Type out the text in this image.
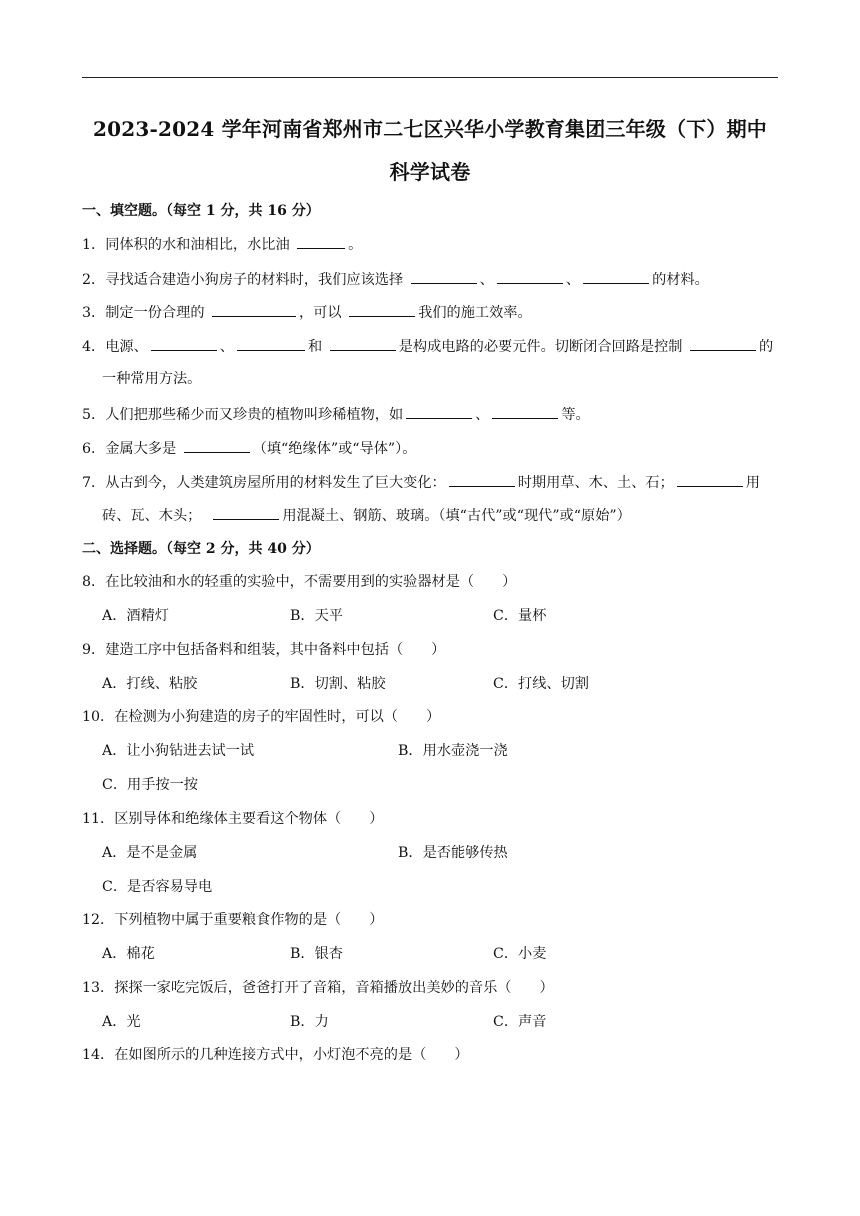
2023-2024 学年河南省郑州市二七区兴华小学教育集团三年级（下）期中
科学试卷
一、填空题。（每空 1 分，共 16 分）
1．同体积的水和油相比，水比油	。
2．寻找适合建造小狗房子的材料时，我们应该选择	、	、	的材料。
3．制定一份合理的	，可以	我们的施工效率。
4．电源、	、	和	是构成电路的必要元件。切断闭合回路是控制	的
一种常用方法。
5．人们把那些稀少而又珍贵的植物叫珍稀植物，如	、	等。
6．金属大多是	（填“绝缘体”或“导体”）。
7．从古到今，人类建筑房屋所用的材料发生了巨大变化：	时期用草、木、土、石；	用
砖、瓦、木头；	用混凝土、钢筋、玻璃。（填“古代”或“现代”或“原始”）
二、选择题。（每空 2 分，共 40 分）
8．在比较油和水的轻重的实验中，不需要用到的实验器材是（ ）
A．酒精灯	B．天平	C．量杯
9．建造工序中包括备料和组装，其中备料中包括（ ）
A．打线、粘胶	B．切割、粘胶	C．打线、切割
10．在检测为小狗建造的房子的牢固性时，可以（ ）
A．让小狗钻进去试一试	B．用水壶浇一浇
C．用手按一按
11．区别导体和绝缘体主要看这个物体（ ）
A．是不是金属	B．是否能够传热
C．是否容易导电
12．下列植物中属于重要粮食作物的是（ ）
A．棉花	B．银杏	C．小麦
13．探探一家吃完饭后，爸爸打开了音箱，音箱播放出美妙的音乐（ ）
A．光	B．力	C．声音
14．在如图所示的几种连接方式中，小灯泡不亮的是（ ）
